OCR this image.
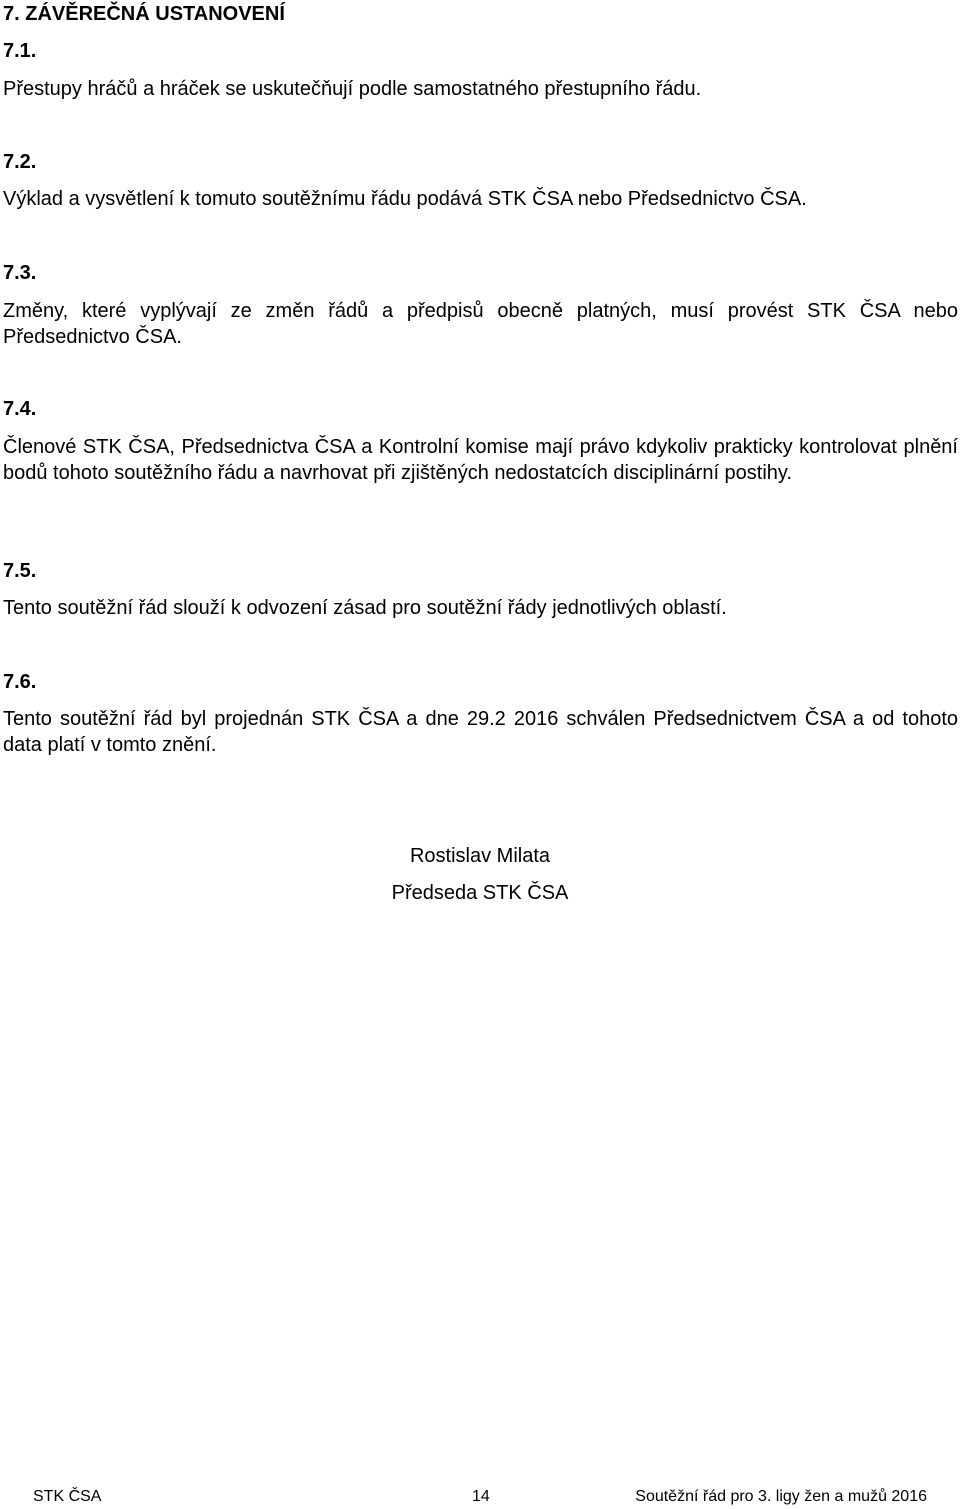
7. ZÁVĚREČNÁ USTANOVENÍ

7.1.

Přestupy hráčů a hráček se uskutečňují podle samostatného přestupního řádu.

7.2.

Výklad a vysvětlení k tomuto soutěžnímu řádu podává STK ČSA nebo Předsednictvo ČSA.

7.3.

Změny, které vyplývají ze změn řádů a předpisů obecně platných, musí provést STK ČSA nebo Předsednictvo ČSA.

7.4.

Členové STK ČSA, Předsednictva ČSA a Kontrolní komise mají právo kdykoliv prakticky kontrolovat plnění bodů tohoto soutěžního řádu a navrhovat při zjištěných nedostatcích disciplinární postihy.

7.5.

Tento soutěžní řád slouží k odvození zásad pro soutěžní řády jednotlivých oblastí.

7.6.

Tento soutěžní řád byl projednán STK ČSA a dne 29.2 2016 schválen Předsednictvem ČSA a od tohoto data platí v tomto znění.

Rostislav Milata

Předseda STK ČSA

STK ČSA	14	Soutěžní řád pro 3. ligy žen a mužů 2016
